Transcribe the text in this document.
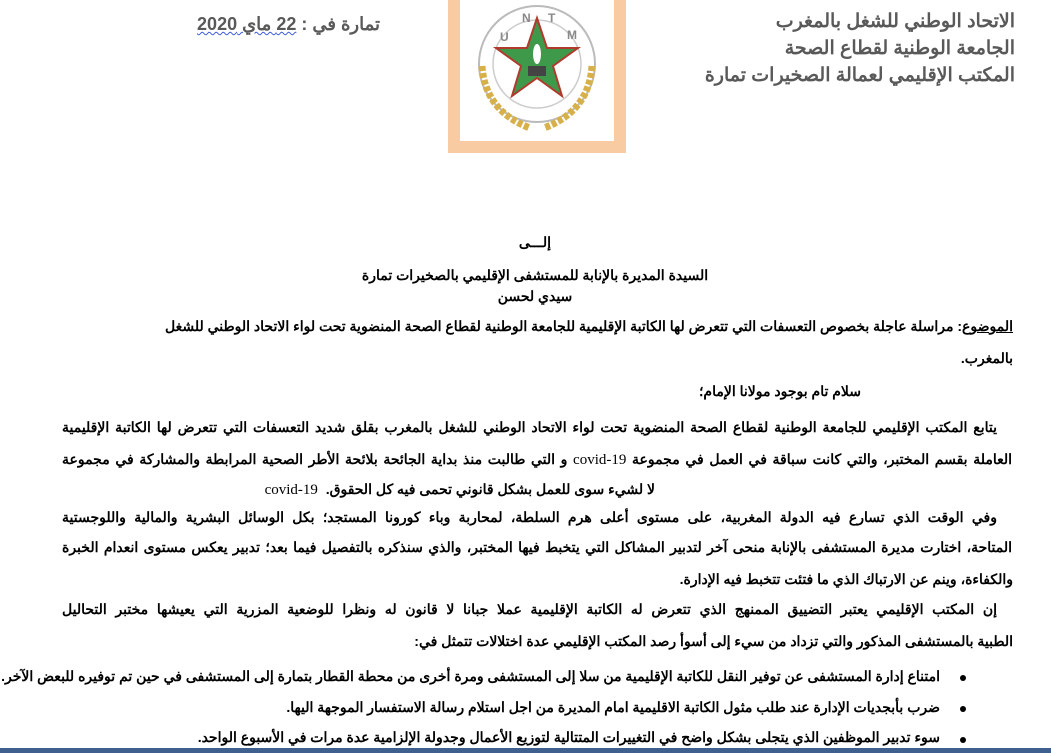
الاتحاد الوطني للشغل بالمغرب
الجامعة الوطنية لقطاع الصحة
المكتب الإقليمي لعمالة الصخيرات تمارة
تمارة في : 22 ماي 2020
U
N T
M
إلـــى
السيدة المديرة بالإنابة للمستشفى الإقليمي بالصخيرات تمارة
سيدي لحسن
الموضوع: مراسلة عاجلة بخصوص التعسفات التي تتعرض لها الكاتبة الإقليمية للجامعة الوطنية لقطاع الصحة المنضوية تحت لواء الاتحاد الوطني للشغل
بالمغرب.
سلام تام بوجود مولانا الإمام؛
يتابع المكتب الإقليمي للجامعة الوطنية لقطاع الصحة المنضوية تحت لواء الاتحاد الوطني للشغل بالمغرب بقلق شديد التعسفات التي تتعرض لها الكاتبة الإقليمية
العاملة بقسم المختبر، والتي كانت سباقة في العمل في مجموعة covid-19 و التي طالبت منذ بداية الجائحة بلائحة الأطر الصحية المرابطة والمشاركة في مجموعة
لا لشيء سوى للعمل بشكل قانوني تحمى فيه كل الحقوق.  covid-19
وفي الوقت الذي تسارع فيه الدولة المغربية، على مستوى أعلى هرم السلطة، لمحاربة وباء كورونا المستجد؛ بكل الوسائل البشرية والمالية واللوجستية
المتاحة، اختارت مديرة المستشفى بالإنابة منحى آخر لتدبير المشاكل التي يتخبط فيها المختبر، والذي سنذكره بالتفصيل فيما بعد؛ تدبير يعكس مستوى انعدام الخبرة
والكفاءة، وينم عن الارتباك الذي ما فتئت تتخبط فيه الإدارة.
إن المكتب الإقليمي يعتبر التضييق الممنهج الذي تتعرض له الكاتبة الإقليمية عملا جبانا لا قانون له ونظرا للوضعية المزرية التي يعيشها مختبر التحاليل
الطبية بالمستشفى المذكور والتي تزداد من سيء إلى أسوأ رصد المكتب الإقليمي عدة اختلالات تتمثل في:
امتناع إدارة المستشفى عن توفير النقل للكاتبة الإقليمية من سلا إلى المستشفى ومرة أخرى من محطة القطار بتمارة إلى المستشفى في حين تم توفيره للبعض الآخر.
ضرب بأبجديات الإدارة عند طلب مثول الكاتبة الاقليمية امام المديرة من اجل استلام رسالة الاستفسار الموجهة اليها.
سوء تدبير الموظفين الذي يتجلى بشكل واضح في التغييرات المتتالية لتوزيع الأعمال وجدولة الإلزامية عدة مرات في الأسبوع الواحد.
